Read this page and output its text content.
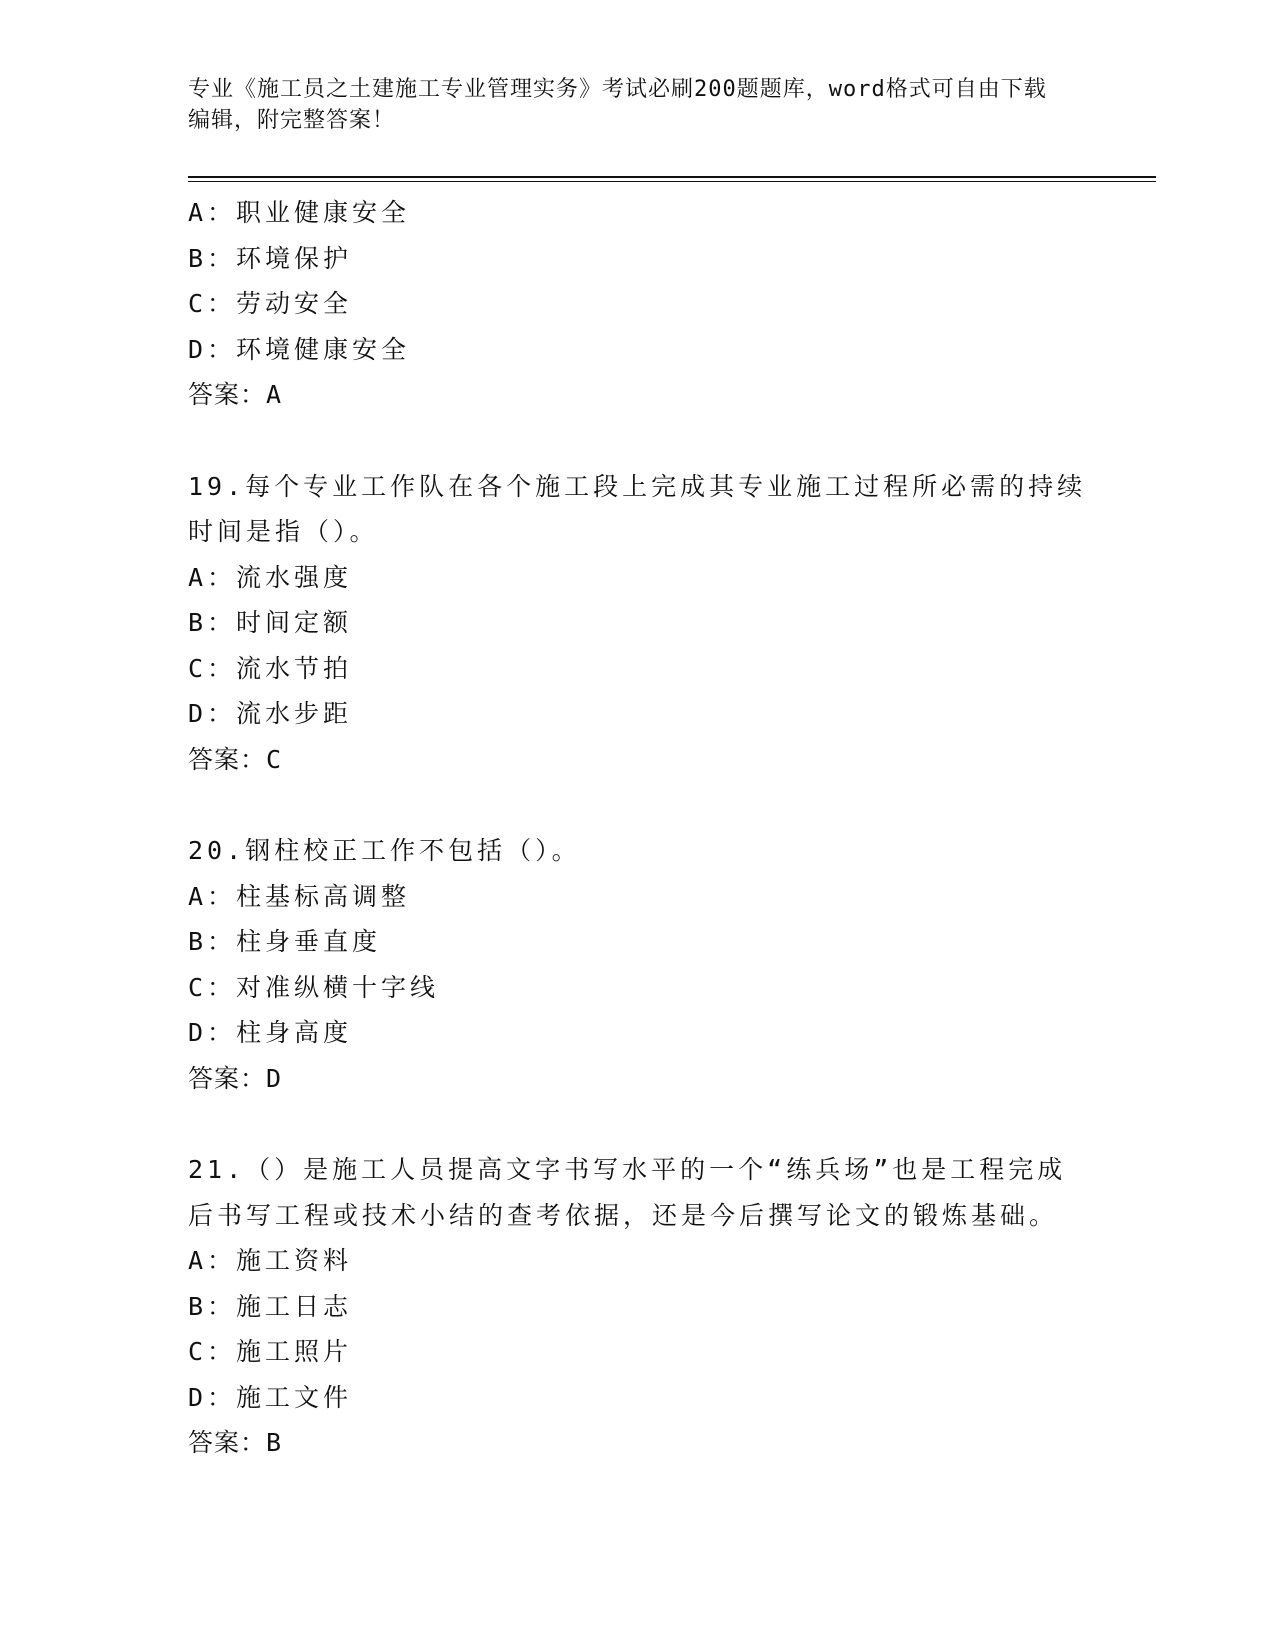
专业《施工员之土建施工专业管理实务》考试必刷200题题库，word格式可自由下载编辑，附完整答案！
A：职业健康安全
B：环境保护
C：劳动安全
D：环境健康安全
答案：A
19.每个专业工作队在各个施工段上完成其专业施工过程所必需的持续时间是指（）。
A：流水强度
B：时间定额
C：流水节拍
D：流水步距
答案：C
20.钢柱校正工作不包括（）。
A：柱基标高调整
B：柱身垂直度
C：对准纵横十字线
D：柱身高度
答案：D
21.（）是施工人员提高文字书写水平的一个“练兵场”也是工程完成后书写工程或技术小结的查考依据，还是今后撰写论文的锻炼基础。
A：施工资料
B：施工日志
C：施工照片
D：施工文件
答案：B
